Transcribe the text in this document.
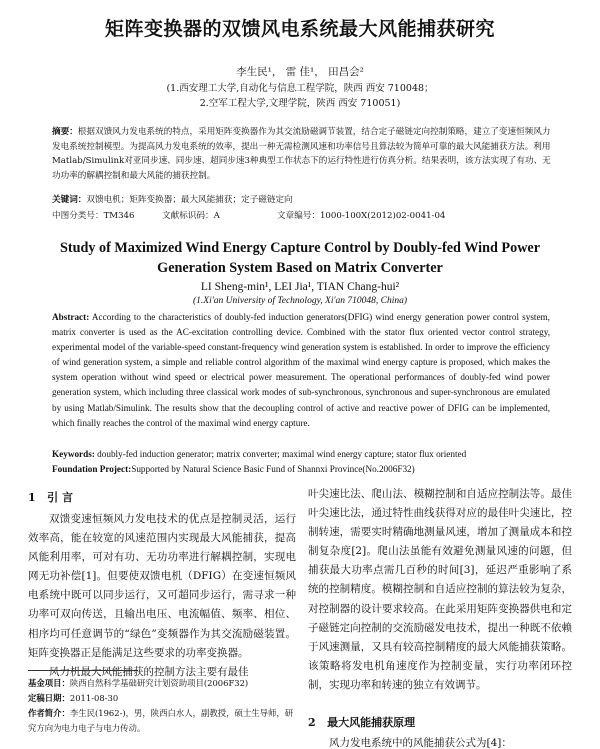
矩阵变换器的双馈风电系统最大风能捕获研究
李生民¹， 雷 佳¹， 田昌会²
(1.西安理工大学,自动化与信息工程学院，陕西 西安 710048；
2.空军工程大学,文理学院，陕西 西安 710051)
摘要：根据双馈风力发电系统的特点，采用矩阵变换器作为其交流励磁调节装置，结合定子磁链定向控制策略，建立了变速恒频风力发电系统控制模型。为提高风力发电系统的效率，提出一种无需检测风速和功率信号且算法较为简单可靠的最大风能捕获方法。利用Matlab/Simulink对亚同步速、同步速、超同步速3种典型工作状态下的运行特性进行仿真分析。结果表明，该方法实现了有功、无功功率的解耦控制和最大风能的捕获控制。
关键词：双馈电机；矩阵变换器；最大风能捕获；定子磁链定向
中图分类号：TM346	文献标识码：A	文章编号：1000-100X(2012)02-0041-04
Study of Maximized Wind Energy Capture Control by Doubly-fed Wind Power
Generation System Based on Matrix Converter
LI Sheng-min¹, LEI Jia¹, TIAN Chang-hui²
(1.Xi'an University of Technology, Xi'an 710048, China)
Abstract: According to the characteristics of doubly-fed induction generators(DFIG) wind energy generation power control system, matrix converter is used as the AC-excitation controlling device. Combined with the stator flux oriented vector control strategy, experimental model of the variable-speed constant-frequency wind generation system is established. In order to improve the efficiency of wind generation system, a simple and reliable control algorithm of the maximal wind energy capture is proposed, which makes the system operation without wind speed or electrical power measurement. The operational performances of doubly-fed wind power generation system, which including three classical work modes of sub-synchronous, synchronous and super-synchronous are emulated by using Matlab/Simulink. The results show that the decoupling control of active and reactive power of DFIG can be implemented, which finally reaches the control of the maximal wind energy capture.
Keywords: doubly-fed induction generator; matrix converter; maximal wind energy capture; stator flux oriented
Foundation Project:Supported by Natural Science Basic Fund of Shannxi Province(No.2006F32)
1 引 言

双馈变速恒频风力发电技术的优点是控制灵活，运行效率高，能在较宽的风速范围内实现最大风能捕获，提高风能利用率，可对有功、无功功率进行解耦控制，实现电网无功补偿[1]。但要使双馈电机（DFIG）在变速恒频风电系统中既可以同步运行，又可超同步运行，需寻求一种功率可双向传送，且输出电压、电流幅值、频率、相位、相序均可任意调节的“绿色”变频器作为其交流励磁装置。矩阵变换器正是能满足这些要求的功率变换器。

风力机最大风能捕获的控制方法主要有最佳

基金项目：陕西自然科学基础研究计划资助项目(2006F32)
定稿日期：2011-08-30
作者简介：李生民(1962-)，男，陕西白水人，副教授，硕士生导师，研究方向为电力电子与电力传动。

叶尖速比法、爬山法、模糊控制和自适应控制法等。最佳叶尖速比法，通过特性曲线获得对应的最佳叶尖速比，控制转速，需要实时精确地测量风速，增加了测量成本和控制复杂度[2]。爬山法虽能有效避免测量风速的问题，但捕获最大功率点需几百秒的时间[3]，延迟严重影响了系统的控制精度。模糊控制和自适应控制的算法较为复杂，对控制器的设计要求较高。在此采用矩阵变换器供电和定子磁链定向控制的交流励磁发电技术，提出一种既不依赖于风速测量，又具有较高控制精度的最大风能捕获策略。该策略将发电机角速度作为控制变量，实行功率闭环控制，实现功率和转速的独立有效调节。

2 最大风能捕获原理

风力发电系统中的风能捕获公式为[4]：
